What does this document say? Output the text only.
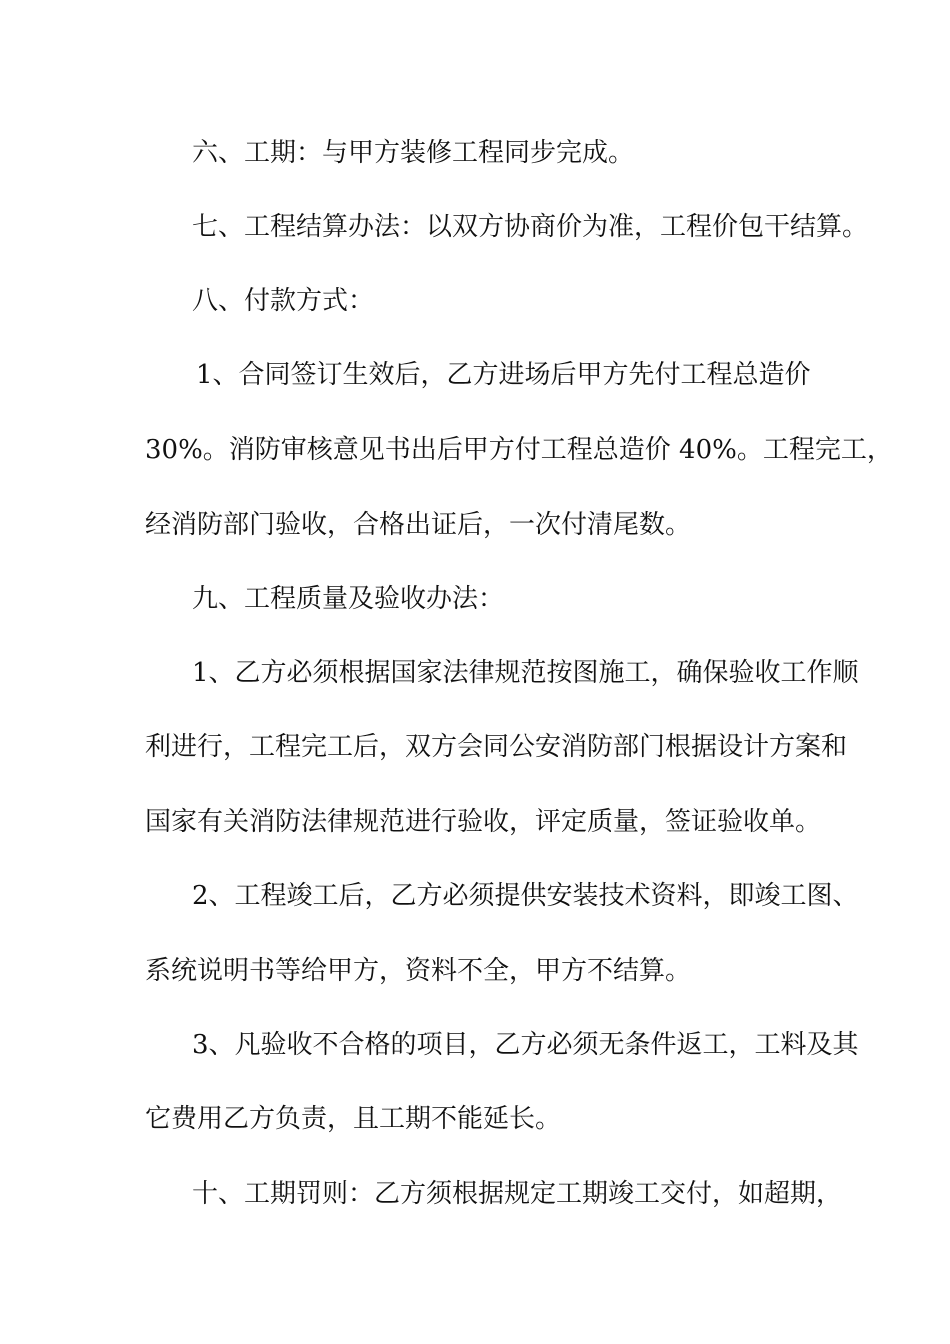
六、工期：与甲方装修工程同步完成。
七、工程结算办法：以双方协商价为准，工程价包干结算。
八、付款方式：
1、合同签订生效后，乙方进场后甲方先付工程总造价
30%。消防审核意见书出后甲方付工程总造价 40%。工程完工，
经消防部门验收，合格出证后，一次付清尾数。
九、工程质量及验收办法：
1、乙方必须根据国家法律规范按图施工，确保验收工作顺
利进行，工程完工后，双方会同公安消防部门根据设计方案和
国家有关消防法律规范进行验收，评定质量，签证验收单。
2、工程竣工后，乙方必须提供安装技术资料，即竣工图、
系统说明书等给甲方，资料不全，甲方不结算。
3、凡验收不合格的项目，乙方必须无条件返工，工料及其
它费用乙方负责，且工期不能延长。
十、工期罚则：乙方须根据规定工期竣工交付，如超期，
